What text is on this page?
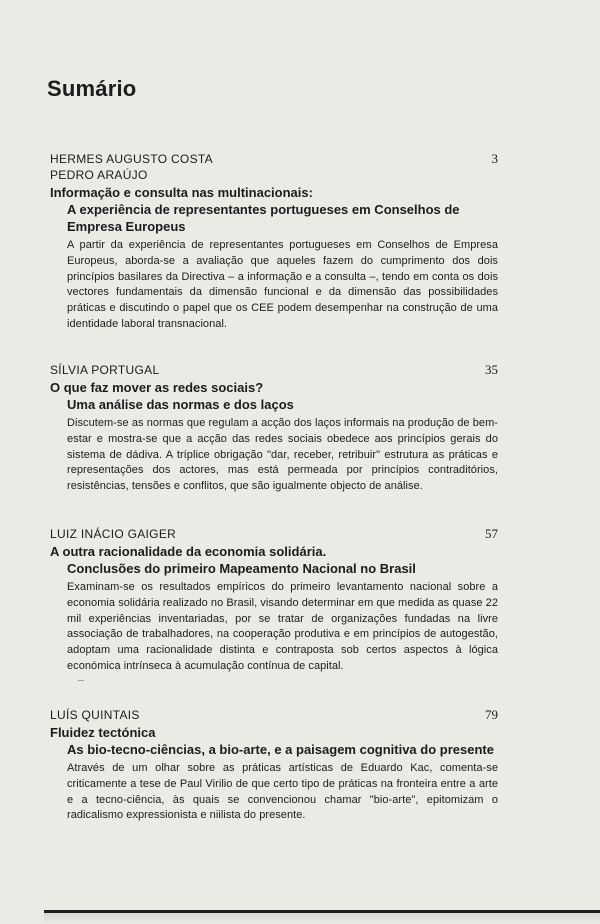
Sumário
HERMES AUGUSTO COSTA	3
PEDRO ARAÚJO
Informação e consulta nas multinacionais:
A experiência de representantes portugueses em Conselhos de Empresa Europeus
A partir da experiência de representantes portugueses em Conselhos de Empresa Europeus, aborda-se a avaliação que aqueles fazem do cumprimento dos dois princípios basilares da Directiva – a informação e a consulta –, tendo em conta os dois vectores fundamentais da dimensão funcional e da dimensão das possibilidades práticas e discutindo o papel que os CEE podem desempenhar na construção de uma identidade laboral transnacional.
SÍLVIA PORTUGAL	35
O que faz mover as redes sociais?
Uma análise das normas e dos laços
Discutem-se as normas que regulam a acção dos laços informais na produção de bem-estar e mostra-se que a acção das redes sociais obedece aos princípios gerais do sistema de dádiva. A tríplice obrigação "dar, receber, retribuir" estrutura as práticas e representações dos actores, mas está permeada por princípios contraditórios, resistências, tensões e conflitos, que são igualmente objecto de análise.
LUIZ INÁCIO GAIGER	57
A outra racionalidade da economia solidária.
Conclusões do primeiro Mapeamento Nacional no Brasil
Examinam-se os resultados empíricos do primeiro levantamento nacional sobre a economia solidária realizado no Brasil, visando determinar em que medida as quase 22 mil experiências inventariadas, por se tratar de organizações fundadas na livre associação de trabalhadores, na cooperação produtiva e em princípios de autogestão, adoptam uma racionalidade distinta e contraposta sob certos aspectos à lógica económica intrínseca à acumulação contínua de capital.
LUÍS QUINTAIS	79
Fluidez tectónica
As bio-tecno-ciências, a bio-arte, e a paisagem cognitiva do presente
Através de um olhar sobre as práticas artísticas de Eduardo Kac, comenta-se criticamente a tese de Paul Virilio de que certo tipo de práticas na fronteira entre a arte e a tecno-ciência, às quais se convencionou chamar "bio-arte", epitomizam o radicalismo expressionista e niilista do presente.
